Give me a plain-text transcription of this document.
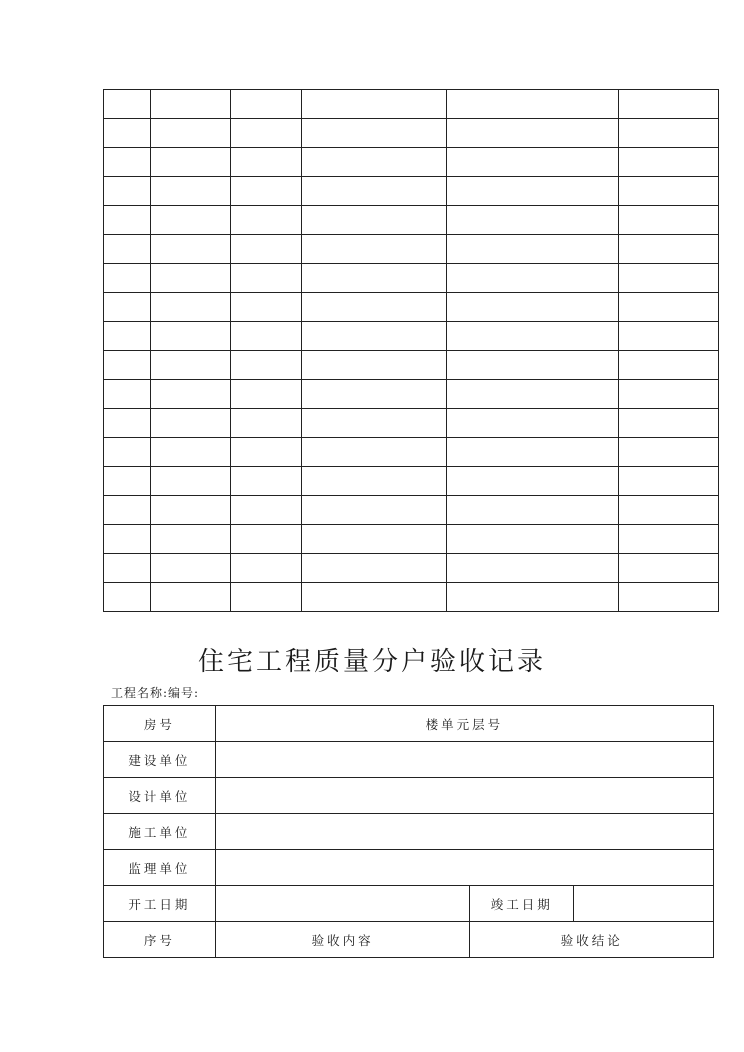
住宅工程质量分户验收记录
工程名称:编号:
房号	楼单元层号		
建设单位			
设计单位			
施工单位			
监理单位			
开工日期		竣工日期	
序号	验收内容	验收结论	
